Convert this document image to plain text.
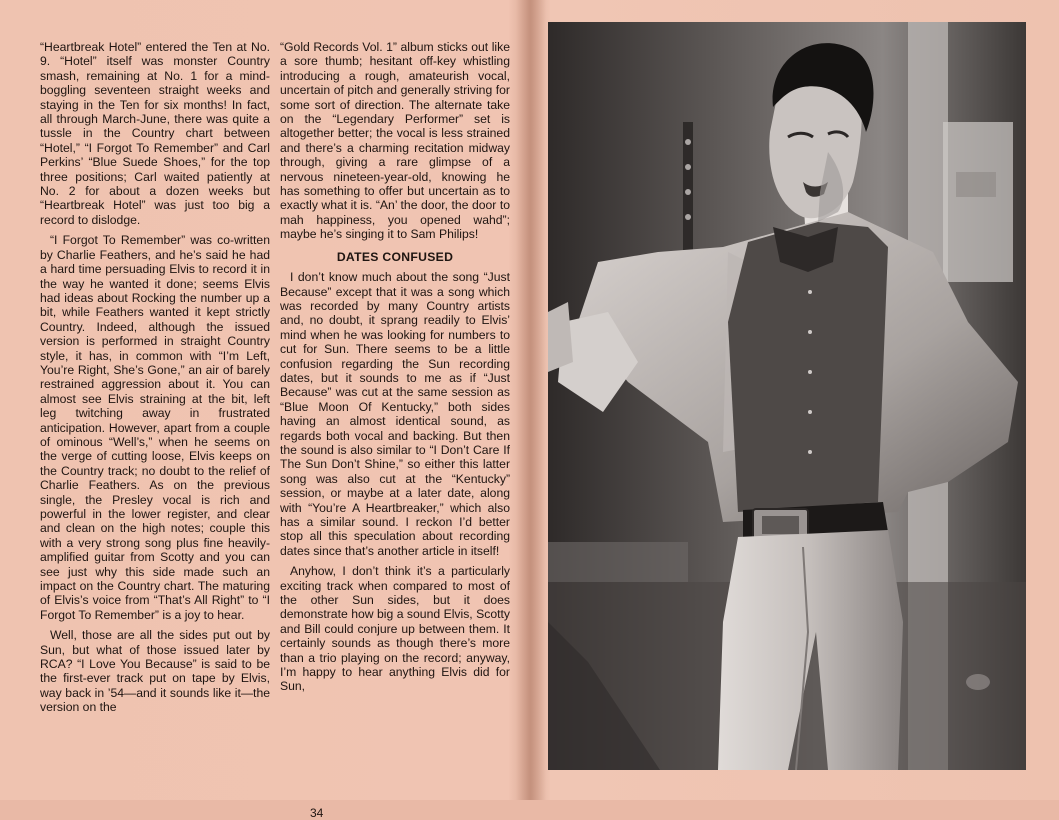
“Heartbreak Hotel” entered the Ten at No. 9. “Hotel” itself was monster Country smash, remaining at No. 1 for a mind-boggling seventeen straight weeks and staying in the Ten for six months! In fact, all through March-June, there was quite a tussle in the Country chart between “Hotel,” “I Forgot To Remember” and Carl Perkins’ “Blue Suede Shoes,” for the top three positions; Carl waited patiently at No. 2 for about a dozen weeks but “Heartbreak Hotel” was just too big a record to dislodge.

“I Forgot To Remember” was co-written by Charlie Feathers, and he’s said he had a hard time persuading Elvis to record it in the way he wanted it done; seems Elvis had ideas about Rocking the number up a bit, while Feathers wanted it kept strictly Country. Indeed, although the issued version is performed in straight Country style, it has, in common with “I’m Left, You’re Right, She’s Gone,” an air of barely restrained aggression about it. You can almost see Elvis straining at the bit, left leg twitching away in frustrated anticipation. However, apart from a couple of ominous “Well’s,” when he seems on the verge of cutting loose, Elvis keeps on the Country track; no doubt to the relief of Charlie Feathers. As on the previous single, the Presley vocal is rich and powerful in the lower register, and clear and clean on the high notes; couple this with a very strong song plus fine heavily-amplified guitar from Scotty and you can see just why this side made such an impact on the Country chart. The maturing of Elvis’s voice from “That’s All Right” to “I Forgot To Remember” is a joy to hear.

Well, those are all the sides put out by Sun, but what of those issued later by RCA? “I Love You Because” is said to be the first-ever track put on tape by Elvis, way back in ’54—and it sounds like it—the version on the

“Gold Records Vol. 1” album sticks out like a sore thumb; hesitant off-key whistling introducing a rough, amateurish vocal, uncertain of pitch and generally striving for some sort of direction. The alternate take on the “Legendary Performer” set is altogether better; the vocal is less strained and there’s a charming recitation midway through, giving a rare glimpse of a nervous nineteen-year-old, knowing he has something to offer but uncertain as to exactly what it is. “An’ the door, the door to mah happiness, you opened wahd”; maybe he’s singing it to Sam Philips!

DATES CONFUSED

I don’t know much about the song “Just Because” except that it was a song which was recorded by many Country artists and, no doubt, it sprang readily to Elvis’ mind when he was looking for numbers to cut for Sun. There seems to be a little confusion regarding the Sun recording dates, but it sounds to me as if “Just Because” was cut at the same session as “Blue Moon Of Kentucky,” both sides having an almost identical sound, as regards both vocal and backing. But then the sound is also similar to “I Don’t Care If The Sun Don’t Shine,” so either this latter song was also cut at the “Kentucky” session, or maybe at a later date, along with “You’re A Heartbreaker,” which also has a similar sound. I reckon I’d better stop all this speculation about recording dates since that’s another article in itself!

Anyhow, I don’t think it’s a particularly exciting track when compared to most of the other Sun sides, but it does demonstrate how big a sound Elvis, Scotty and Bill could conjure up between them. It certainly sounds as though there’s more than a trio playing on the record; anyway, I’m happy to hear anything Elvis did for Sun,

34
